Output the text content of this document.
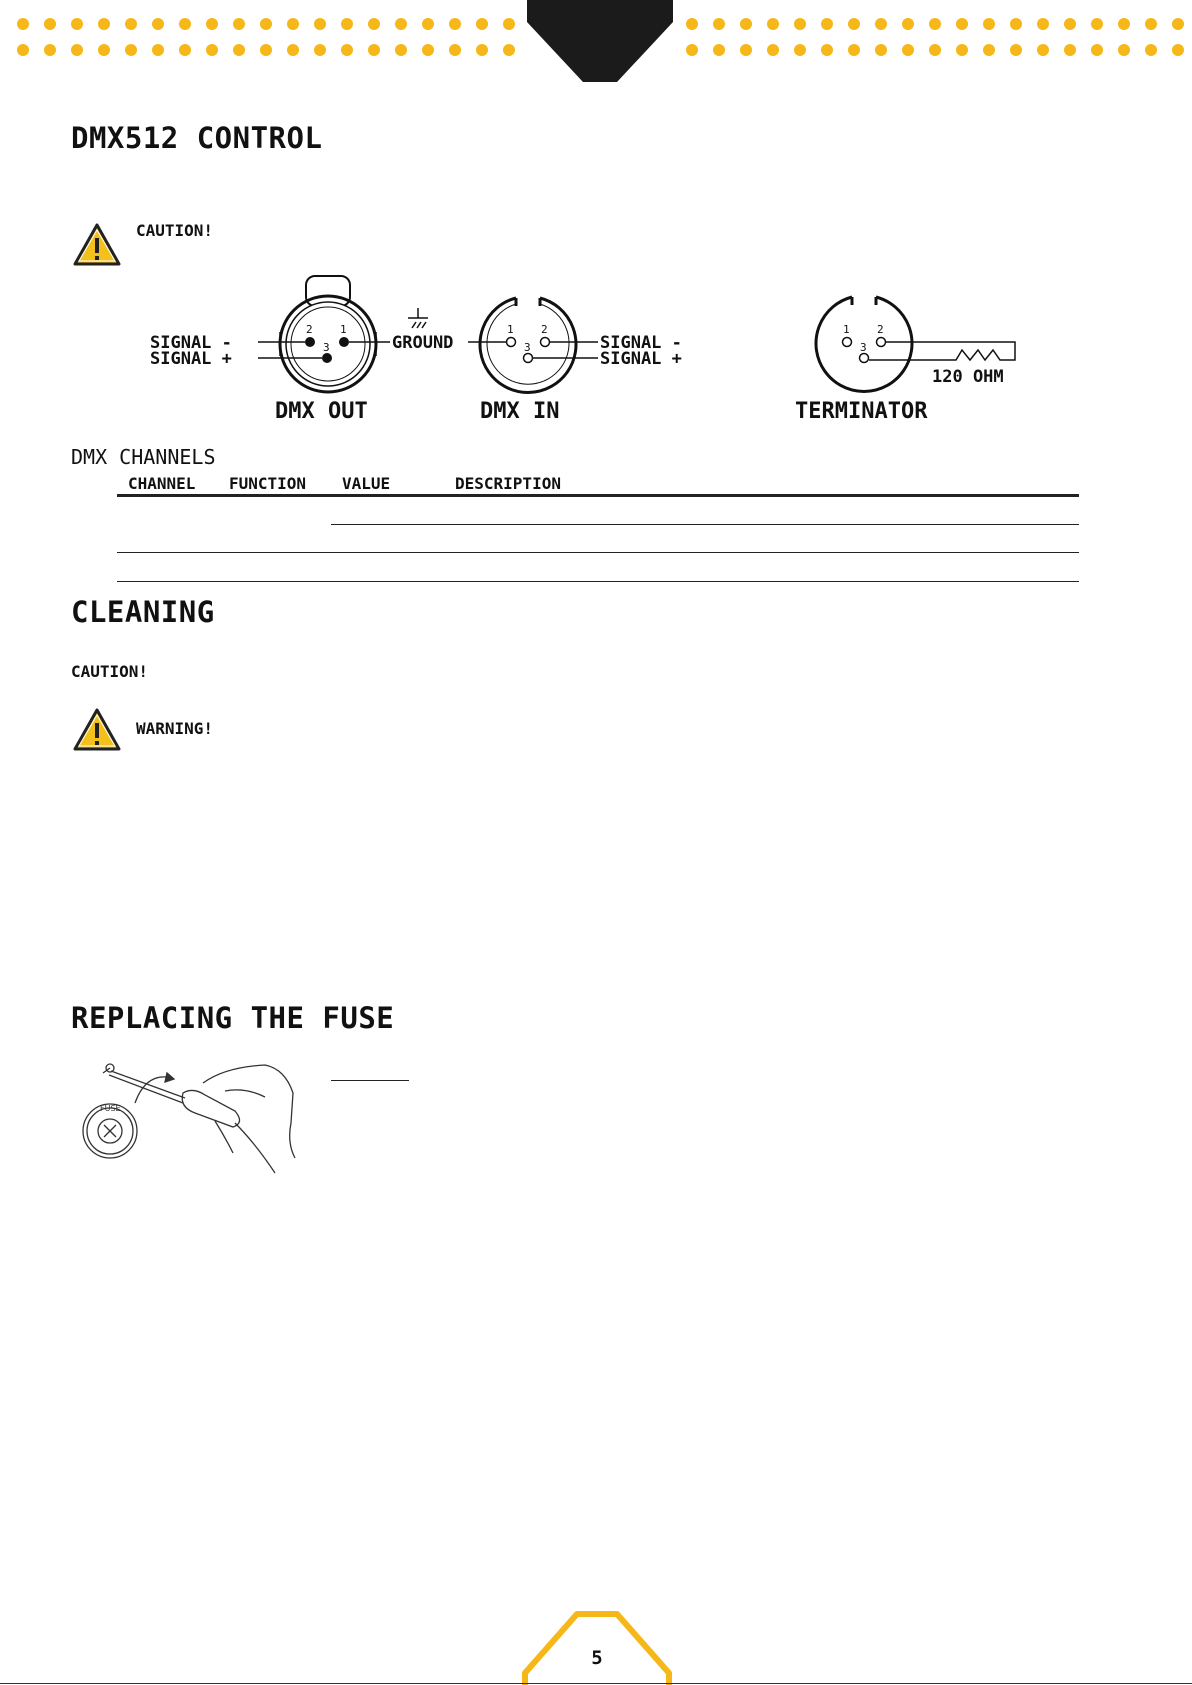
DMX512 CONTROL
CAUTION!
2 1
3
SIGNAL -
SIGNAL +
GROUND
1 2
3	SIGNAL -
SIGNAL +
DMX OUT	DMX IN
1 2
3
120 OHM
TERMINATOR
DMX CHANNELS
CHANNEL FUNCTION VALUE	DESCRIPTION
CLEANING
CAUTION!
WARNING!
REPLACING THE FUSE
FUSE
5
